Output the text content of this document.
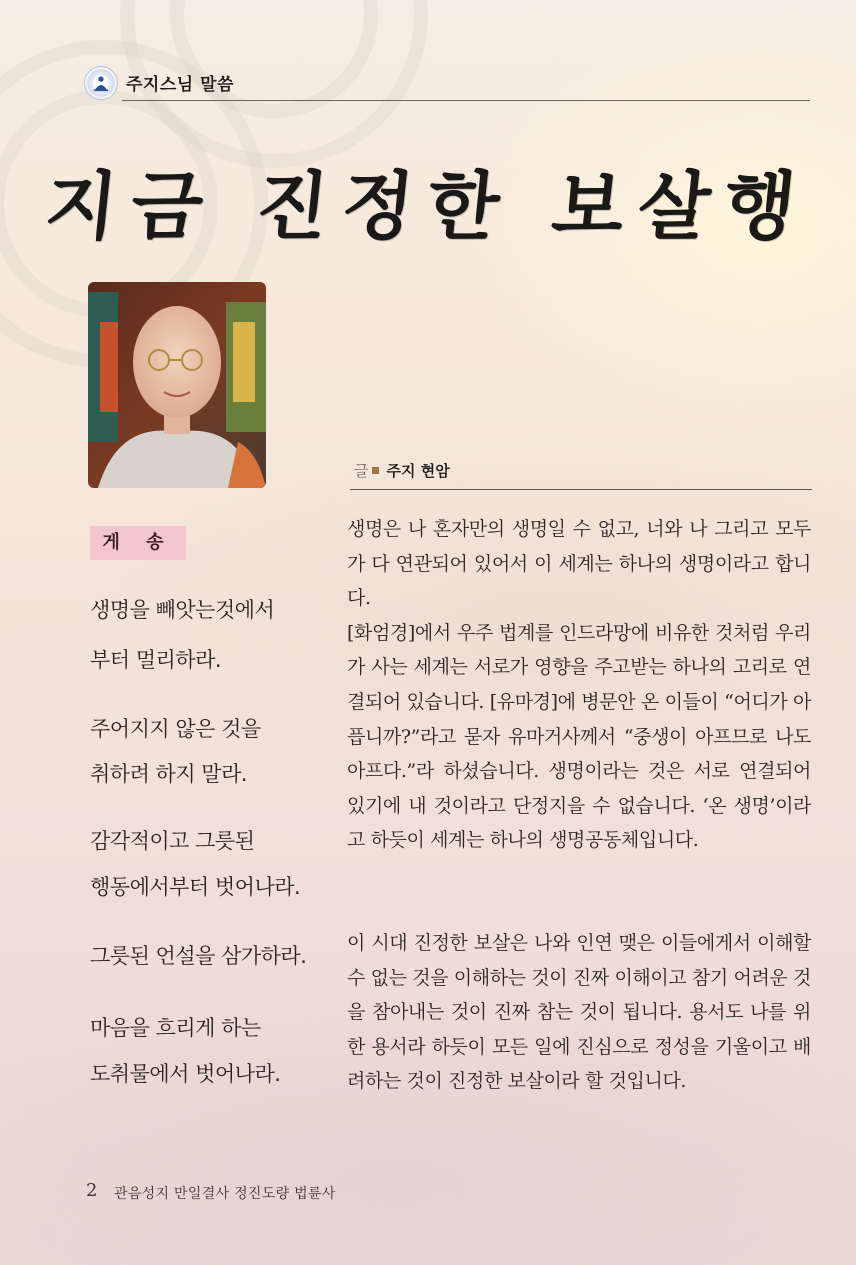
주지스님 말씀
지금 진정한 보살행
글 주지 현암
게 송
생명을 빼앗는것에서
부터 멀리하라.
주어지지 않은 것을
취하려 하지 말라.
감각적이고 그릇된
행동에서부터 벗어나라.
그릇된 언설을 삼가하라.
마음을 흐리게 하는
도취물에서 벗어나라.

생명은 나 혼자만의 생명일 수 없고, 너와 나 그리고 모두가 다 연관되어 있어서 이 세계는 하나의 생명이라고 합니다.

[화엄경]에서 우주 법계를 인드라망에 비유한 것처럼 우리가 사는 세계는 서로가 영향을 주고받는 하나의 고리로 연결되어 있습니다. [유마경]에 병문안 온 이들이 “어디가 아픕니까?”라고 묻자 유마거사께서 “중생이 아프므로 나도 아프다.”라 하셨습니다. 생명이라는 것은 서로 연결되어 있기에 내 것이라고 단정지을 수 없습니다. ‘온 생명’이라고 하듯이 세계는 하나의 생명공동체입니다.

이 시대 진정한 보살은 나와 인연 맺은 이들에게서 이해할 수 없는 것을 이해하는 것이 진짜 이해이고 참기 어려운 것을 참아내는 것이 진짜 참는 것이 됩니다. 용서도 나를 위한 용서라 하듯이 모든 일에 진심으로 정성을 기울이고 배려하는 것이 진정한 보살이라 할 것입니다.

2 관음성지 만일결사 정진도량 법륜사
